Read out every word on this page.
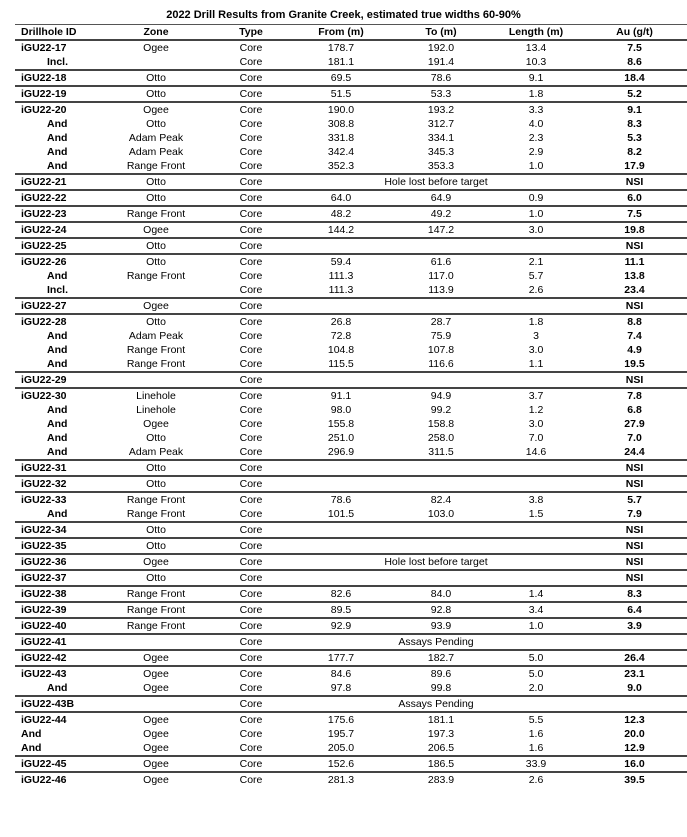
2022 Drill Results from Granite Creek, estimated true widths 60-90%
Drillhole ID	Zone	Type	From (m)	To (m)	Length (m)	Au (g/t)
iGU22-17	Ogee	Core	178.7	192.0	13.4	7.5
Incl.		Core	181.1	191.4	10.3	8.6
iGU22-18	Otto	Core	69.5	78.6	9.1	18.4
iGU22-19	Otto	Core	51.5	53.3	1.8	5.2
iGU22-20	Ogee	Core	190.0	193.2	3.3	9.1
And	Otto	Core	308.8	312.7	4.0	8.3
And	Adam Peak	Core	331.8	334.1	2.3	5.3
And	Adam Peak	Core	342.4	345.3	2.9	8.2
And	Range Front	Core	352.3	353.3	1.0	17.9
iGU22-21	Otto	Core	Hole lost before target			NSI
iGU22-22	Otto	Core	64.0	64.9	0.9	6.0
iGU22-23	Range Front	Core	48.2	49.2	1.0	7.5
iGU22-24	Ogee	Core	144.2	147.2	3.0	19.8
iGU22-25	Otto	Core				NSI
iGU22-26	Otto	Core	59.4	61.6	2.1	11.1
And	Range Front	Core	111.3	117.0	5.7	13.8
Incl.		Core	111.3	113.9	2.6	23.4
iGU22-27	Ogee	Core				NSI
iGU22-28	Otto	Core	26.8	28.7	1.8	8.8
And	Adam Peak	Core	72.8	75.9	3	7.4
And	Range Front	Core	104.8	107.8	3.0	4.9
And	Range Front	Core	115.5	116.6	1.1	19.5
iGU22-29		Core				NSI
iGU22-30	Linehole	Core	91.1	94.9	3.7	7.8
And	Linehole	Core	98.0	99.2	1.2	6.8
And	Ogee	Core	155.8	158.8	3.0	27.9
And	Otto	Core	251.0	258.0	7.0	7.0
And	Adam Peak	Core	296.9	311.5	14.6	24.4
iGU22-31	Otto	Core				NSI
iGU22-32	Otto	Core				NSI
iGU22-33	Range Front	Core	78.6	82.4	3.8	5.7
And	Range Front	Core	101.5	103.0	1.5	7.9
iGU22-34	Otto	Core				NSI
iGU22-35	Otto	Core				NSI
iGU22-36	Ogee	Core	Hole lost before target			NSI
iGU22-37	Otto	Core				NSI
iGU22-38	Range Front	Core	82.6	84.0	1.4	8.3
iGU22-39	Range Front	Core	89.5	92.8	3.4	6.4
iGU22-40	Range Front	Core	92.9	93.9	1.0	3.9
iGU22-41		Core	Assays Pending			
iGU22-42	Ogee	Core	177.7	182.7	5.0	26.4
iGU22-43	Ogee	Core	84.6	89.6	5.0	23.1
And	Ogee	Core	97.8	99.8	2.0	9.0
iGU22-43B		Core	Assays Pending			
iGU22-44	Ogee	Core	175.6	181.1	5.5	12.3
And	Ogee	Core	195.7	197.3	1.6	20.0
And	Ogee	Core	205.0	206.5	1.6	12.9
iGU22-45	Ogee	Core	152.6	186.5	33.9	16.0
iGU22-46	Ogee	Core	281.3	283.9	2.6	39.5
